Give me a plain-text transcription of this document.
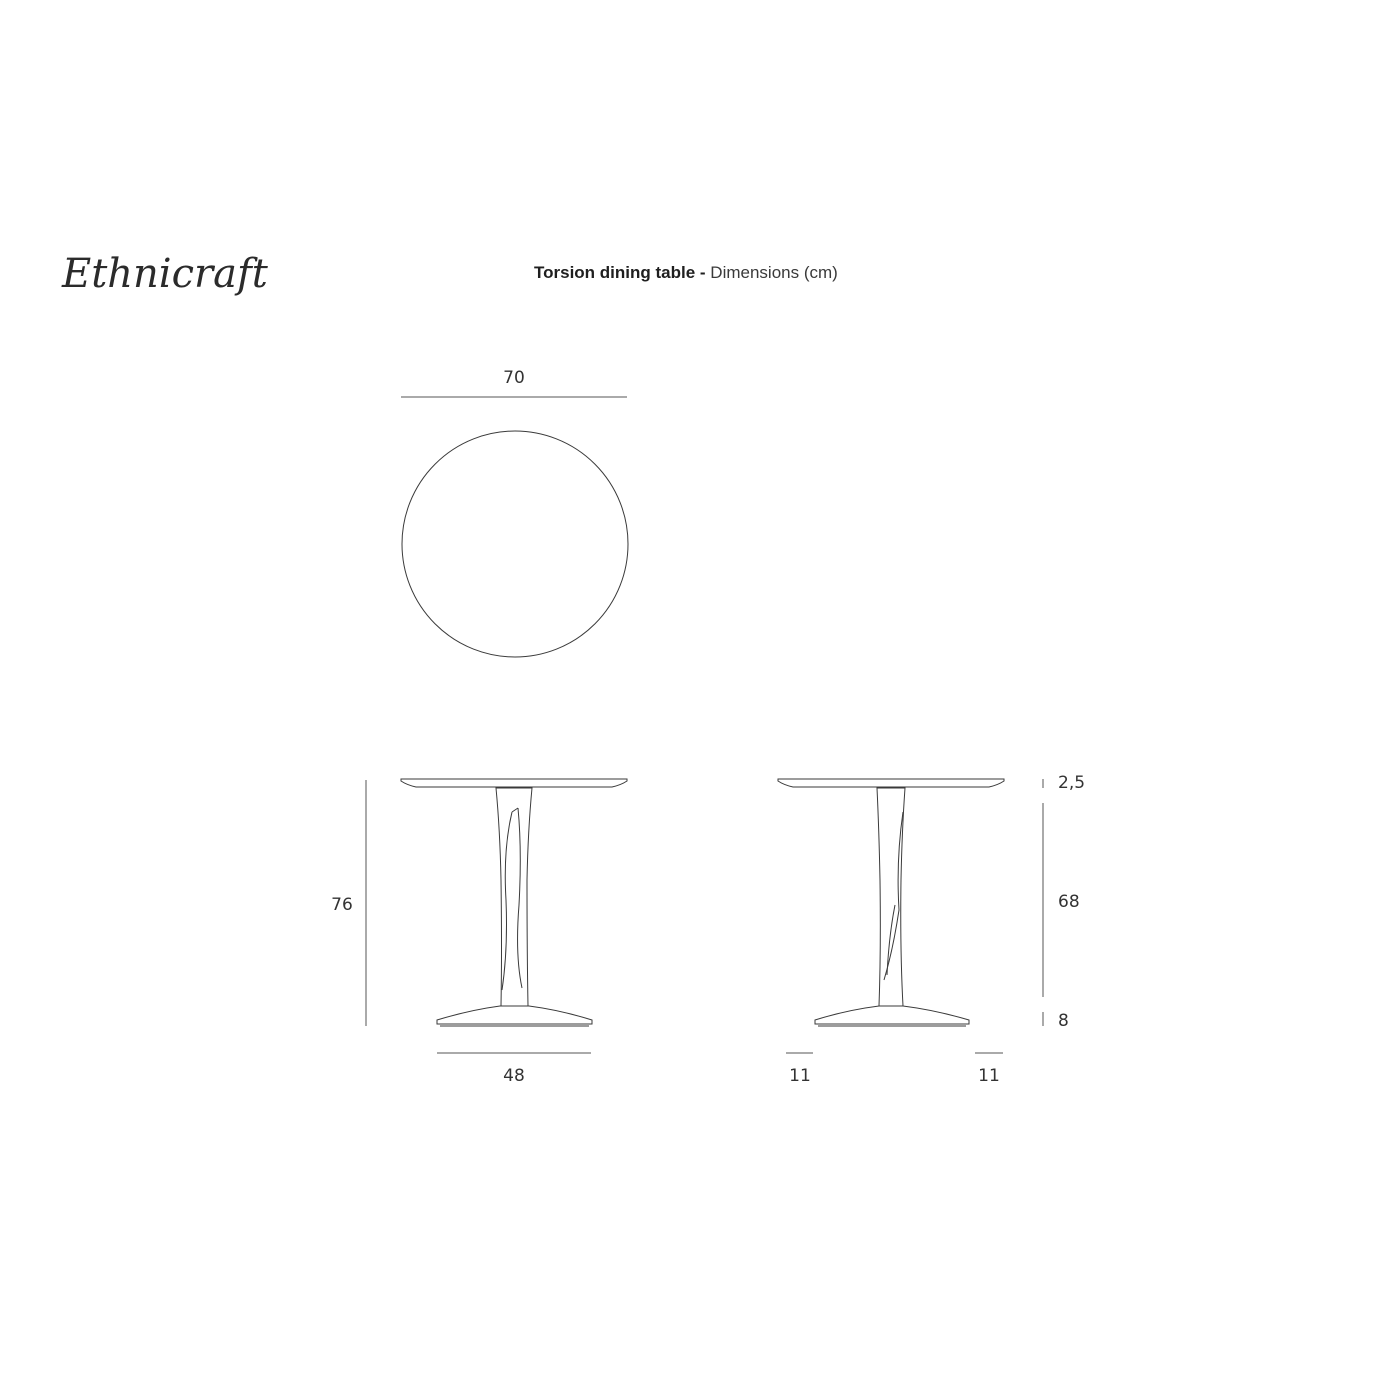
Ethnicraft	Torsion dining table - Dimensions (cm)
70
76
48
2,5
68
8
11	11
